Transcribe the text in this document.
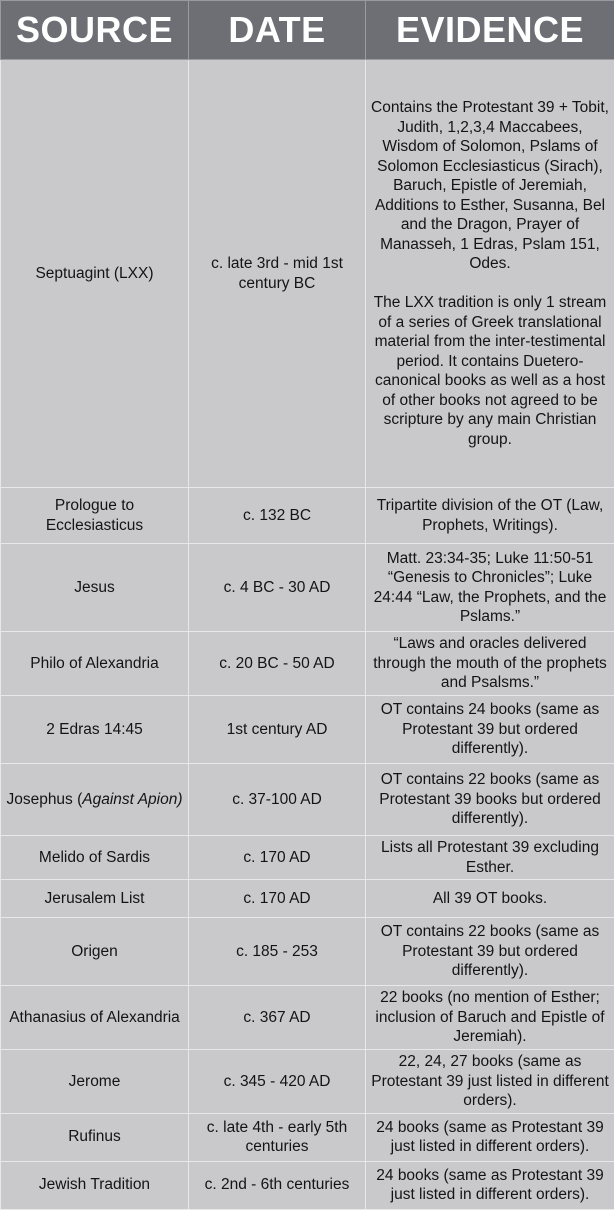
SOURCE	DATE	EVIDENCE
Septuagint (LXX)	c. late 3rd - mid 1st century BC	Contains the Protestant 39 + Tobit, Judith, 1,2,3,4 Maccabees, Wisdom of Solomon, Pslams of Solomon Ecclesiasticus (Sirach), Baruch, Epistle of Jeremiah, Additions to Esther, Susanna, Bel and the Dragon, Prayer of Manasseh, 1 Edras, Pslam 151, Odes.
The LXX tradition is only 1 stream of a series of Greek translational material from the inter-testimental period. It contains Duetero-canonical books as well as a host of other books not agreed to be scripture by any main Christian group.

Prologue to Ecclesiasticus	c. 132 BC	Tripartite division of the OT (Law, Prophets, Writings).
Jesus	c. 4 BC - 30 AD	Matt. 23:34-35; Luke 11:50-51 “Genesis to Chronicles”; Luke 24:44 “Law, the Prophets, and the Pslams.”
Philo of Alexandria	c. 20 BC - 50 AD	“Laws and oracles delivered through the mouth of the prophets and Psalsms.”
2 Edras 14:45	1st century AD	OT contains 24 books (same as Protestant 39 but ordered differently).
Josephus (Against Apion)	c. 37-100 AD	OT contains 22 books (same as Protestant 39 books but ordered differently).
Melido of Sardis	c. 170 AD	Lists all Protestant 39 excluding Esther.
Jerusalem List	c. 170 AD	All 39 OT books.
Origen	c. 185 - 253	OT contains 22 books (same as Protestant 39 but ordered differently).
Athanasius of Alexandria	c. 367 AD	22 books (no mention of Esther; inclusion of Baruch and Epistle of Jeremiah).
Jerome	c. 345 - 420 AD	22, 24, 27 books (same as Protestant 39 just listed in different orders).
Rufinus	c. late 4th - early 5th centuries	24 books (same as Protestant 39 just listed in different orders).
Jewish Tradition	c. 2nd - 6th centuries	24 books (same as Protestant 39 just listed in different orders).
